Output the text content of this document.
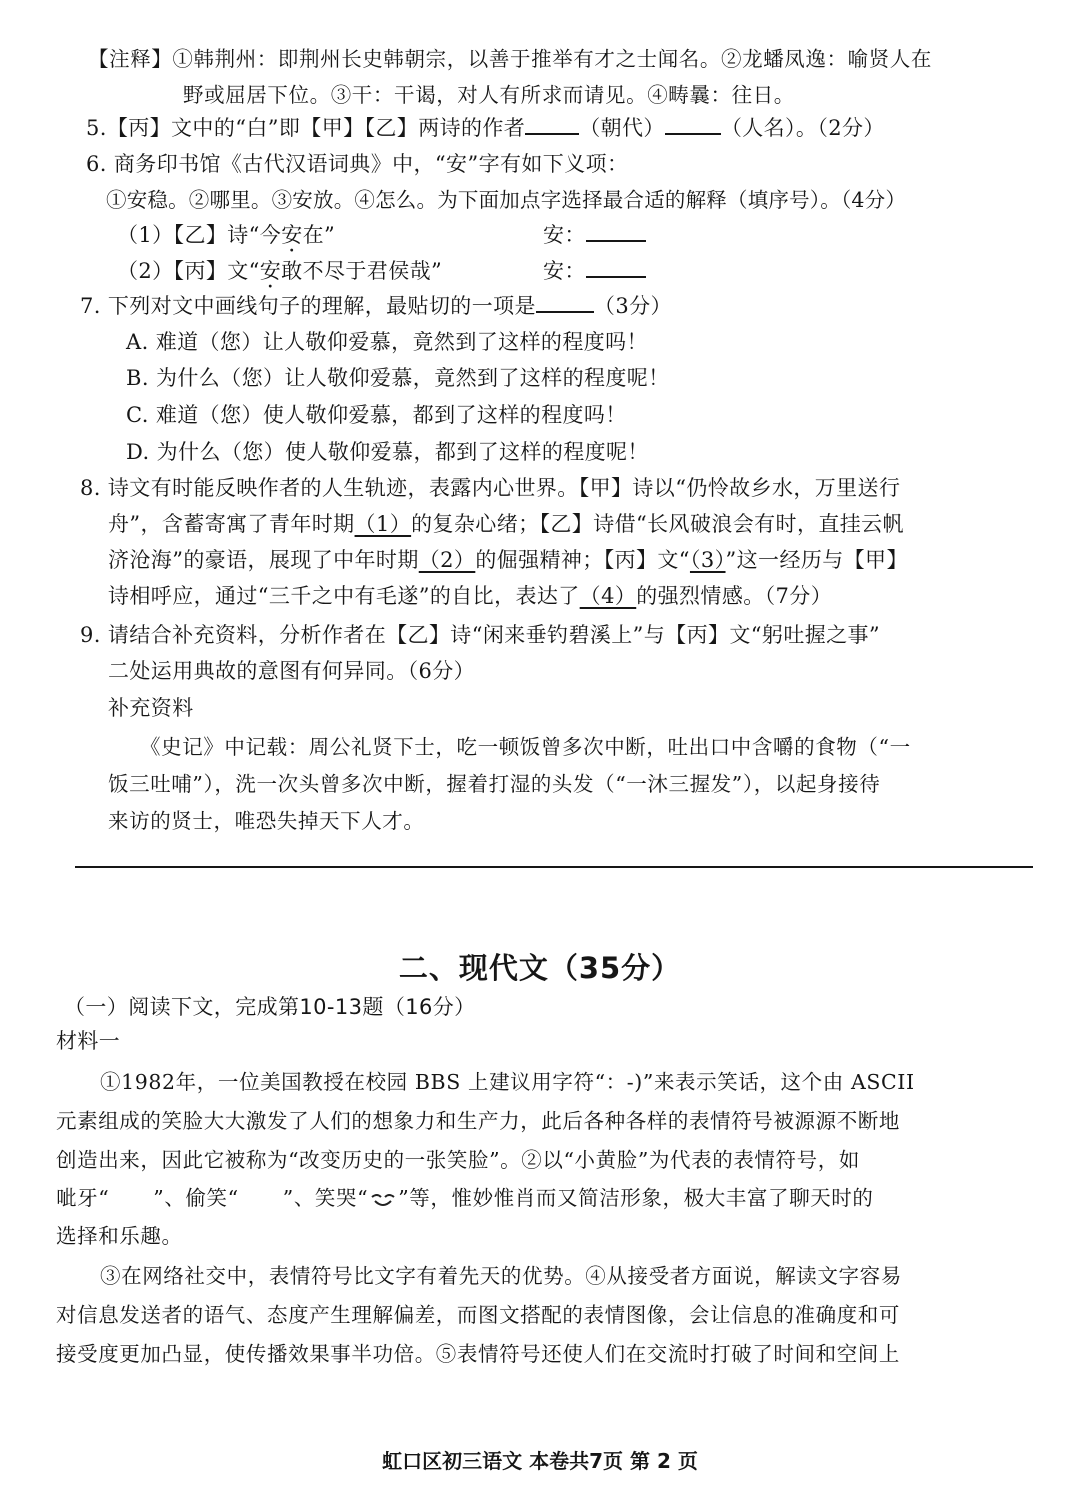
【注释】①韩荆州：即荆州长史韩朝宗，以善于推举有才之士闻名。②龙蟠凤逸：喻贤人在
野或屈居下位。③干：干谒，对人有所求而请见。④畴曩：往日。
5.【丙】文中的“白”即【甲】【乙】两诗的作者	（朝代）	（人名）。（2分）
6. 商务印书馆《古代汉语词典》中，“安”字有如下义项：
①安稳。②哪里。③安放。④怎么。为下面加点字选择最合适的解释（填序号）。（4分）
（1）【乙】诗“今安在”	安：
（2）【丙】文“安敢不尽于君侯哉”	安：
7. 下列对文中画线句子的理解，最贴切的一项是	（3分）
A. 难道（您）让人敬仰爱慕，竟然到了这样的程度吗！
B. 为什么（您）让人敬仰爱慕，竟然到了这样的程度呢！
C. 难道（您）使人敬仰爱慕，都到了这样的程度吗！
D. 为什么（您）使人敬仰爱慕，都到了这样的程度呢！
8. 诗文有时能反映作者的人生轨迹，表露内心世界。【甲】诗以“仍怜故乡水，万里送行
舟”，含蓄寄寓了青年时期（1）的复杂心绪；【乙】诗借“长风破浪会有时，直挂云帆
济沧海”的豪语，展现了中年时期（2）的倔强精神；【丙】文“（3）”这一经历与【甲】
诗相呼应，通过“三千之中有毛遂”的自比，表达了（4）的强烈情感。（7分）
9. 请结合补充资料，分析作者在【乙】诗“闲来垂钓碧溪上”与【丙】文“躬吐握之事”
二处运用典故的意图有何异同。（6分）
补充资料
《史记》中记载：周公礼贤下士，吃一顿饭曾多次中断，吐出口中含嚼的食物（“一
饭三吐哺”），洗一次头曾多次中断，握着打湿的头发（“一沐三握发”），以起身接待
来访的贤士，唯恐失掉天下人才。
二、现代文（35分）
（一）阅读下文，完成第10-13题（16分）
材料一
①1982年，一位美国教授在校园 BBS 上建议用字符“：-)”来表示笑话，这个由 ASCII
元素组成的笑脸大大激发了人们的想象力和生产力，此后各种各样的表情符号被源源不断地
创造出来，因此它被称为“改变历史的一张笑脸”。②以“小黄脸”为代表的表情符号，如
呲牙“ ”、偷笑“ ”、笑哭“ ”等，惟妙惟肖而又简洁形象，极大丰富了聊天时的
选择和乐趣。
③在网络社交中，表情符号比文字有着先天的优势。④从接受者方面说，解读文字容易
对信息发送者的语气、态度产生理解偏差，而图文搭配的表情图像，会让信息的准确度和可
接受度更加凸显，使传播效果事半功倍。⑤表情符号还使人们在交流时打破了时间和空间上
虹口区初三语文 本卷共7页 第 2 页
